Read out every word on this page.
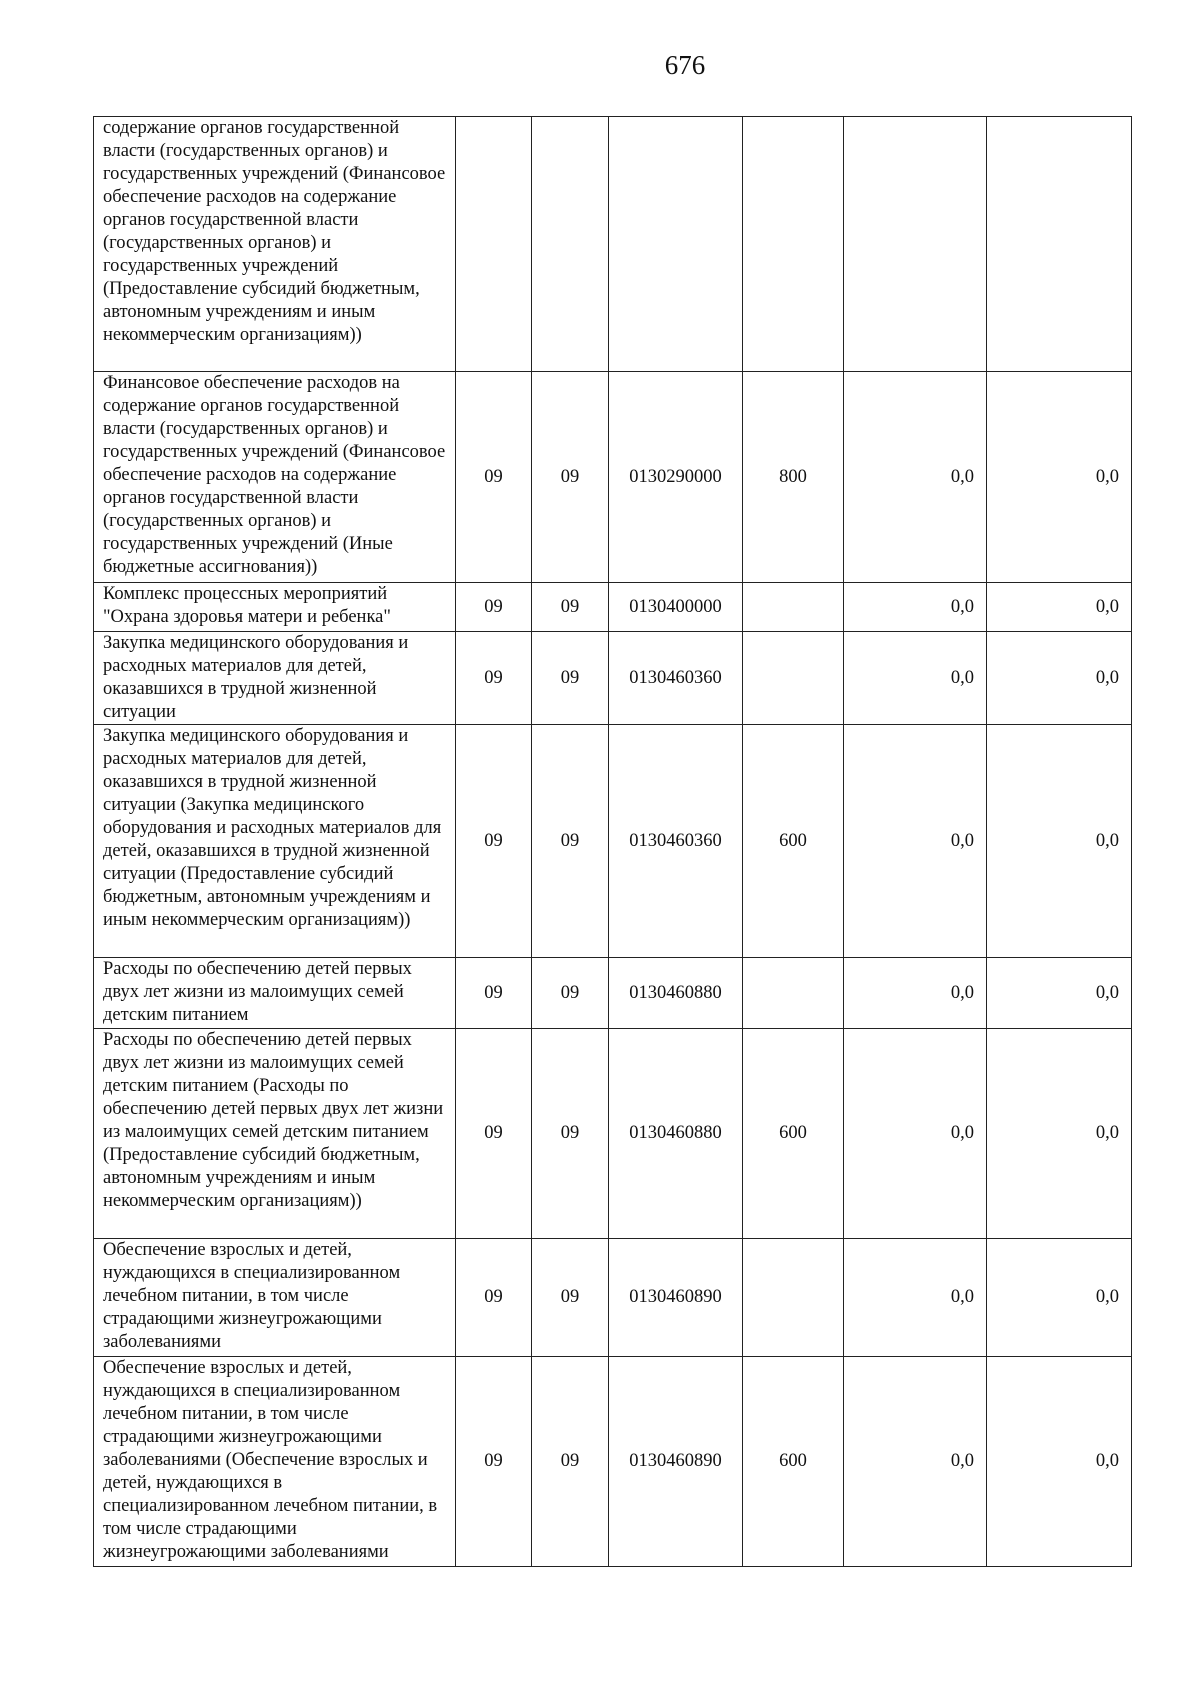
676
содержание органов государственной власти (государственных органов) и государственных учреждений (Финансовое обеспечение расходов на содержание органов государственной власти (государственных органов) и государственных учреждений (Предоставление субсидий бюджетным, автономным учреждениям и иным некоммерческим организациям))						
Финансовое обеспечение расходов на содержание органов государственной власти (государственных органов) и государственных учреждений (Финансовое обеспечение расходов на содержание органов государственной власти (государственных органов) и государственных учреждений (Иные бюджетные ассигнования))	09	09	0130290000	800	0,0	0,0
Комплекс процессных мероприятий "Охрана здоровья матери и ребенка"	09	09	0130400000		0,0	0,0
Закупка медицинского оборудования и расходных материалов для детей, оказавшихся в трудной жизненной ситуации	09	09	0130460360		0,0	0,0
Закупка медицинского оборудования и расходных материалов для детей, оказавшихся в трудной жизненной ситуации (Закупка медицинского оборудования и расходных материалов для детей, оказавшихся в трудной жизненной ситуации (Предоставление субсидий бюджетным, автономным учреждениям и иным некоммерческим организациям))	09	09	0130460360	600	0,0	0,0
Расходы по обеспечению детей первых двух лет жизни из малоимущих семей детским питанием	09	09	0130460880		0,0	0,0
Расходы по обеспечению детей первых двух лет жизни из малоимущих семей детским питанием (Расходы по обеспечению детей первых двух лет жизни из малоимущих семей детским питанием (Предоставление субсидий бюджетным, автономным учреждениям и иным некоммерческим организациям))	09	09	0130460880	600	0,0	0,0
Обеспечение взрослых и детей, нуждающихся в специализированном лечебном питании, в том числе страдающими жизнеугрожающими заболеваниями	09	09	0130460890		0,0	0,0
Обеспечение взрослых и детей, нуждающихся в специализированном лечебном питании, в том числе страдающими жизнеугрожающими заболеваниями (Обеспечение взрослых и детей, нуждающихся в специализированном лечебном питании, в том числе страдающими жизнеугрожающими заболеваниями	09	09	0130460890	600	0,0	0,0
